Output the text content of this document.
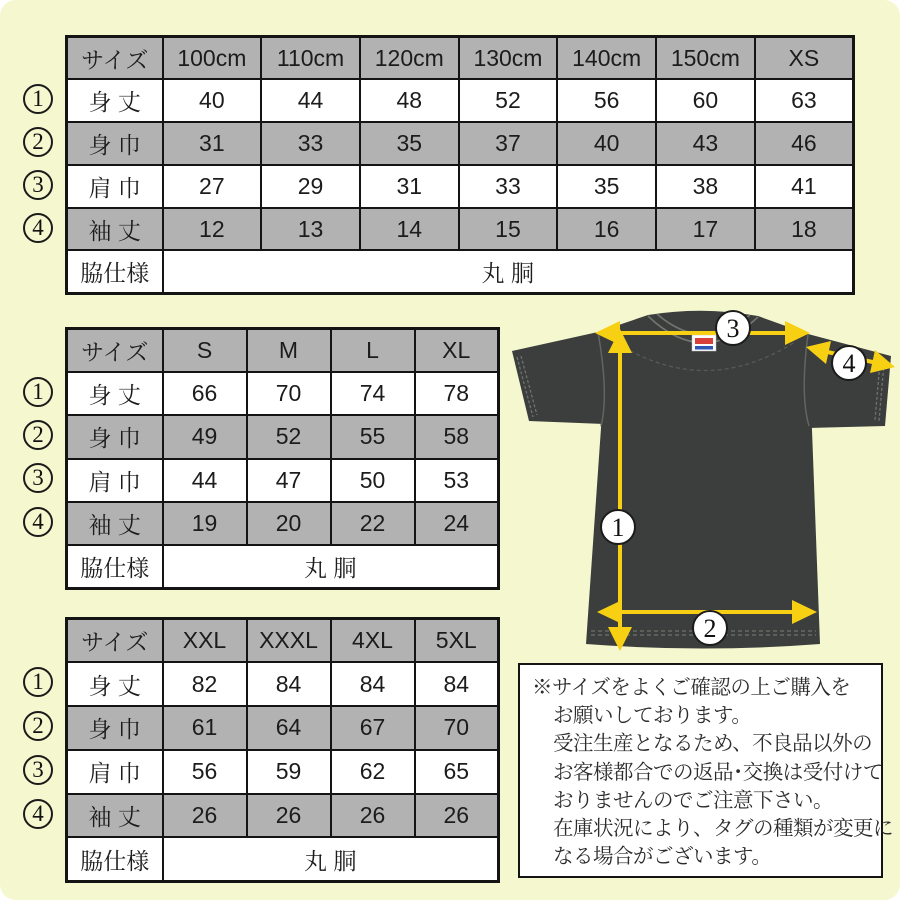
サイズ	100cm	110cm	120cm	130cm	140cm	150cm	XS
身 丈	40	44	48	52	56	60	63
身 巾	31	33	35	37	40	43	46
肩 巾	27	29	31	33	35	38	41
袖 丈	12	13	14	15	16	17	18
脇仕様	丸 胴						
サイズ	S	M	L	XL
身 丈	66	70	74	78
身 巾	49	52	55	58
肩 巾	44	47	50	53
袖 丈	19	20	22	24
脇仕様	丸 胴			
サイズ	XXL	XXXL	4XL	5XL
身 丈	82	84	84	84
身 巾	61	64	67	70
肩 巾	56	59	62	65
袖 丈	26	26	26	26
脇仕様	丸 胴			
1
2
3
4
1
2
3
4
1
2
3
4
1
2
3
4
※サイズをよくご確認の上ご購入を
お願いしております。
受注生産となるため、不良品以外の
お客様都合での返品･交換は受付けて
おりませんのでご注意下さい。
在庫状況により、タグの種類が変更に
なる場合がございます。
